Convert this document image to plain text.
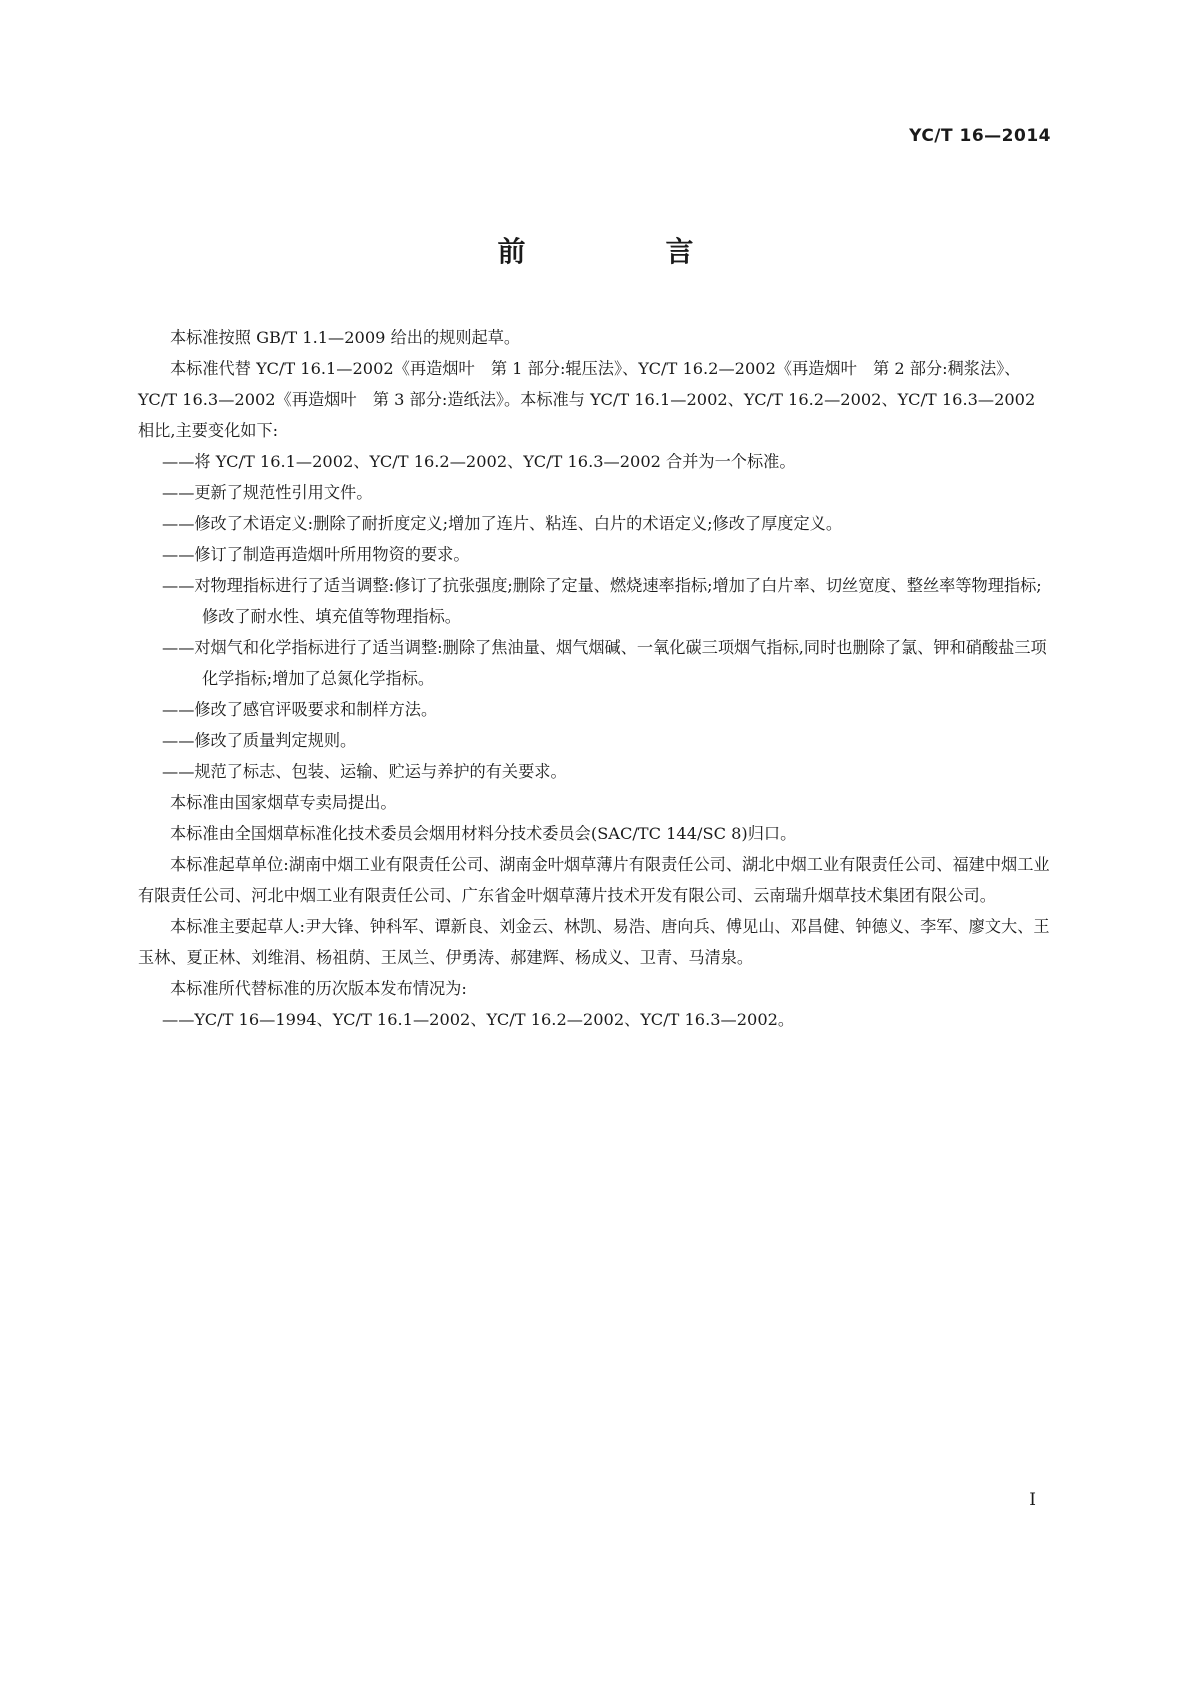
YC/T 16—2014
前　言

本标准按照 GB/T 1.1—2009 给出的规则起草。

本标准代替 YC/T 16.1—2002《再造烟叶　第 1 部分:辊压法》、YC/T 16.2—2002《再造烟叶　第 2 部分:稠浆法》、YC/T 16.3—2002《再造烟叶　第 3 部分:造纸法》。本标准与 YC/T 16.1—2002、YC/T 16.2—2002、YC/T 16.3—2002 相比,主要变化如下:

——将 YC/T 16.1—2002、YC/T 16.2—2002、YC/T 16.3—2002 合并为一个标准。

——更新了规范性引用文件。

——修改了术语定义:删除了耐折度定义;增加了连片、粘连、白片的术语定义;修改了厚度定义。

——修订了制造再造烟叶所用物资的要求。

——对物理指标进行了适当调整:修订了抗张强度;删除了定量、燃烧速率指标;增加了白片率、切丝宽度、整丝率等物理指标;修改了耐水性、填充值等物理指标。

——对烟气和化学指标进行了适当调整:删除了焦油量、烟气烟碱、一氧化碳三项烟气指标,同时也删除了氯、钾和硝酸盐三项化学指标;增加了总氮化学指标。

——修改了感官评吸要求和制样方法。

——修改了质量判定规则。

——规范了标志、包装、运输、贮运与养护的有关要求。

本标准由国家烟草专卖局提出。

本标准由全国烟草标准化技术委员会烟用材料分技术委员会(SAC/TC 144/SC 8)归口。

本标准起草单位:湖南中烟工业有限责任公司、湖南金叶烟草薄片有限责任公司、湖北中烟工业有限责任公司、福建中烟工业有限责任公司、河北中烟工业有限责任公司、广东省金叶烟草薄片技术开发有限公司、云南瑞升烟草技术集团有限公司。

本标准主要起草人:尹大锋、钟科军、谭新良、刘金云、林凯、易浩、唐向兵、傅见山、邓昌健、钟德义、李军、廖文大、王玉林、夏正林、刘维涓、杨祖荫、王凤兰、伊勇涛、郝建辉、杨成义、卫青、马清泉。

本标准所代替标准的历次版本发布情况为:

——YC/T 16—1994、YC/T 16.1—2002、YC/T 16.2—2002、YC/T 16.3—2002。

I
